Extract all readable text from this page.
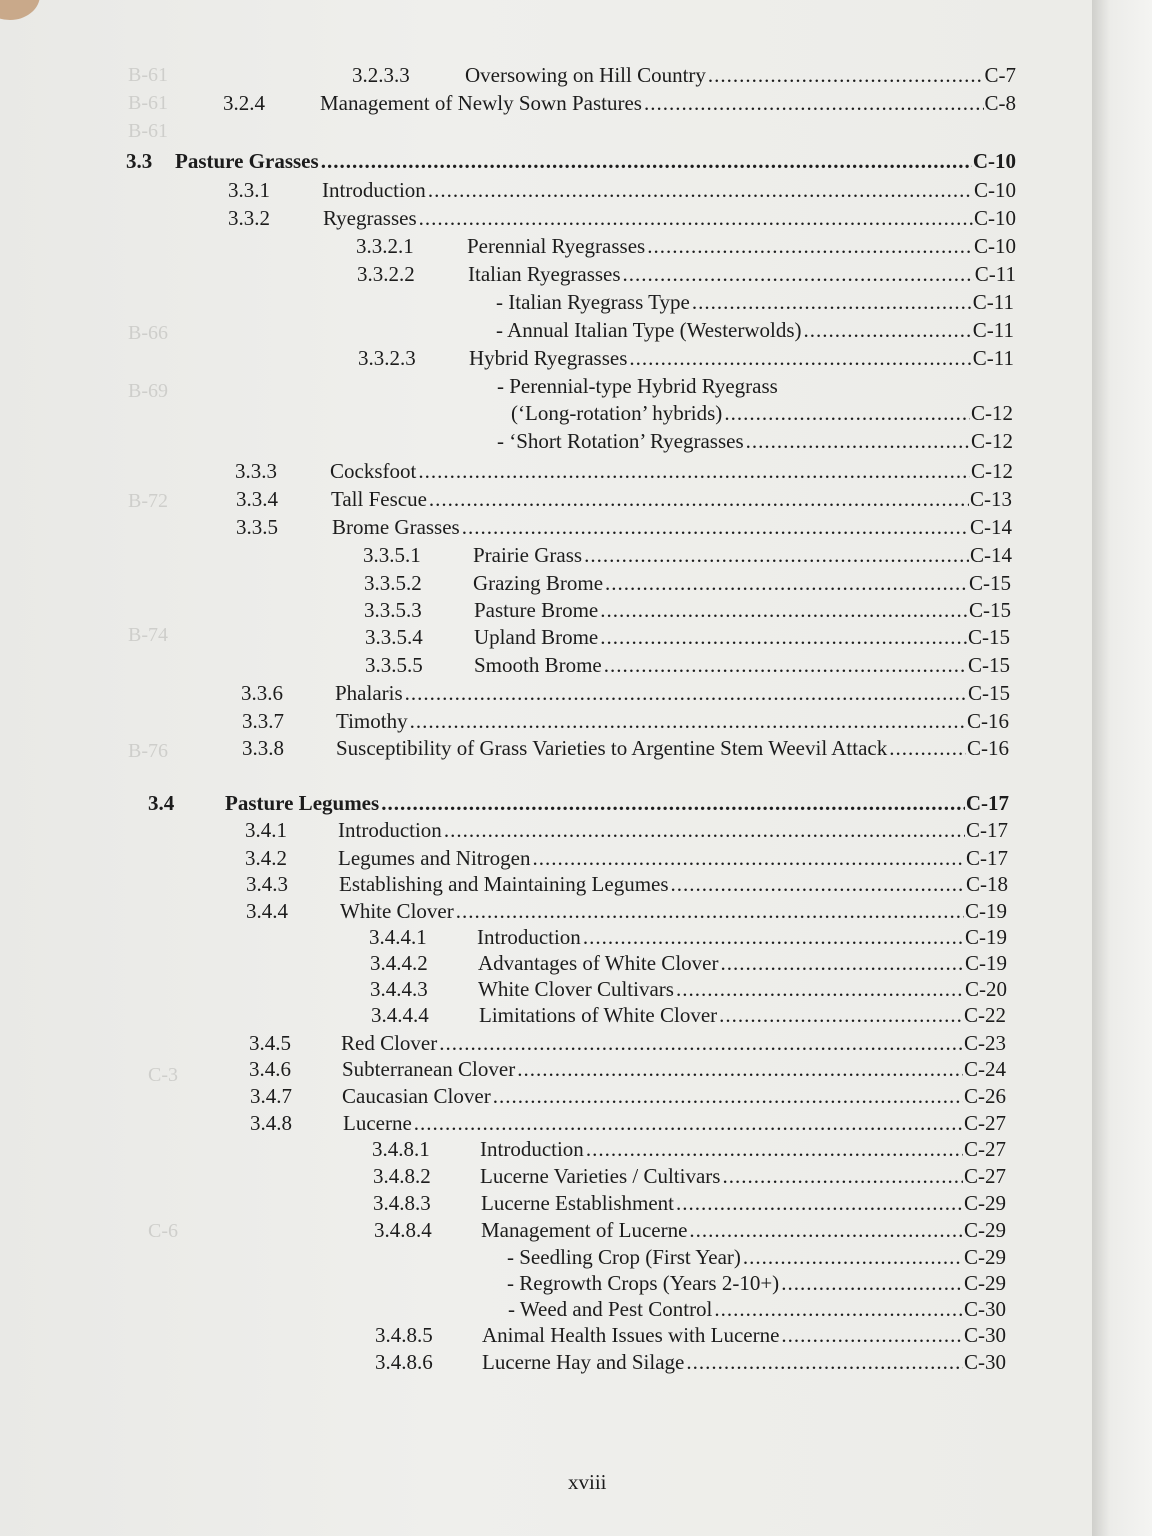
B-61
B-61
B-61
B-66
B-69
B-72
B-74
B-76
C-3
C-6
3.2.3.3	Oversowing on Hill Country .....	C-7
3.2.4	Management of Newly Sown Pastures .....	C-8
3.3 Pasture Grasses .....	C-10
3.3.1 Introduction .....	C-10
3.3.2	Ryegrasses .....	C-10
3.3.2.1	Perennial Ryegrasses .....	C-10
3.3.2.2	Italian Ryegrasses .....	C-11
- Italian Ryegrass Type .....	C-11
- Annual Italian Type (Westerwolds) .....	C-11
3.3.2.3	Hybrid Ryegrasses .....	C-11
- Perennial-type Hybrid Ryegrass
(‘Long-rotation’ hybrids) .....	C-12
- ‘Short Rotation’ Ryegrasses .....	C-12
3.3.3	Cocksfoot .....	C-12
3.3.4	Tall Fescue .....	C-13
3.3.5	Brome Grasses .....	C-14
3.3.5.1 Prairie Grass .....	C-14
3.3.5.2 Grazing Brome .....	C-15
3.3.5.3 Pasture Brome .....	C-15
3.3.5.4 Upland Brome .....	C-15
3.3.5.5 Smooth Brome .....	C-15
3.3.6 Phalaris .....	C-15
3.3.7 Timothy .....	C-16
3.3.8 Susceptibility of Grass Varieties to Argentine Stem Weevil Attack .....	C-16
3.4 Pasture Legumes .....	C-17
3.4.1 Introduction .....	C-17
3.4.2 Legumes and Nitrogen .....	C-17
3.4.3 Establishing and Maintaining Legumes .....	C-18
3.4.4 White Clover .....	C-19
3.4.4.1 Introduction .....	C-19
3.4.4.2 Advantages of White Clover .....	C-19
3.4.4.3 White Clover Cultivars .....	C-20
3.4.4.4 Limitations of White Clover .....	C-22
3.4.5 Red Clover .....	C-23
3.4.6 Subterranean Clover .....	C-24
3.4.7 Caucasian Clover .....	C-26
3.4.8 Lucerne .....	C-27
3.4.8.1 Introduction .....	C-27
3.4.8.2 Lucerne Varieties / Cultivars .....	C-27
3.4.8.3 Lucerne Establishment .....	C-29
3.4.8.4 Management of Lucerne .....	C-29
- Seedling Crop (First Year) .....	C-29
- Regrowth Crops (Years 2-10+) .....	C-29
- Weed and Pest Control .....	C-30
3.4.8.5 Animal Health Issues with Lucerne .....	C-30
3.4.8.6 Lucerne Hay and Silage .....	C-30
xviii
